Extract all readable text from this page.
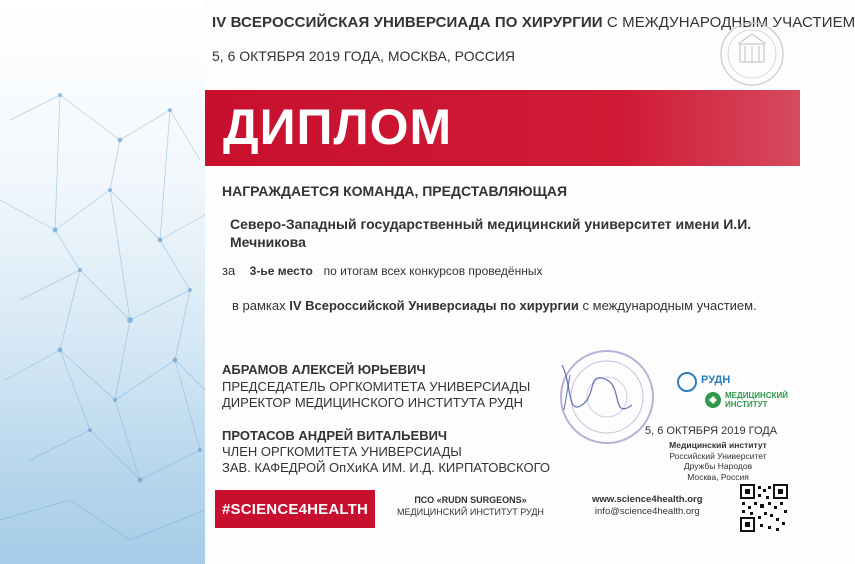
IV ВСЕРОССИЙСКАЯ УНИВЕРСИАДА ПО ХИРУРГИИ С МЕЖДУНАРОДНЫМ УЧАСТИЕМ
5, 6 ОКТЯБРЯ 2019 ГОДА, МОСКВА, РОССИЯ
ДИПЛОМ
НАГРАЖДАЕТСЯ КОМАНДА, ПРЕДСТАВЛЯЮЩАЯ
Северо-Западный государственный медицинский университет имени И.И. Мечникова
за 3-ье место по итогам всех конкурсов проведённых
в рамках IV Всероссийской Универсиады по хирургии с международным участием.
АБРАМОВ АЛЕКСЕЙ ЮРЬЕВИЧ
ПРЕДСЕДАТЕЛЬ ОРГКОМИТЕТА УНИВЕРСИАДЫ
ДИРЕКТОР МЕДИЦИНСКОГО ИНСТИТУТА РУДН
ПРОТАСОВ АНДРЕЙ ВИТАЛЬЕВИЧ
ЧЛЕН ОРГКОМИТЕТА УНИВЕРСИАДЫ
ЗАВ. КАФЕДРОЙ ОпХиКА ИМ. И.Д. КИРПАТОВСКОГО
РУДН
МЕДИЦИНСКИЙ
ИНСТИТУТ
5, 6 ОКТЯБРЯ 2019 ГОДА
Медицинский институт
Российский Университет
Дружбы Народов
Москва, Россия
#SCIENCE4HEALTH
ПСО «RUDN SURGEONS»
МЕДИЦИНСКИЙ ИНСТИТУТ РУДН
www.science4health.org
info@science4health.org
